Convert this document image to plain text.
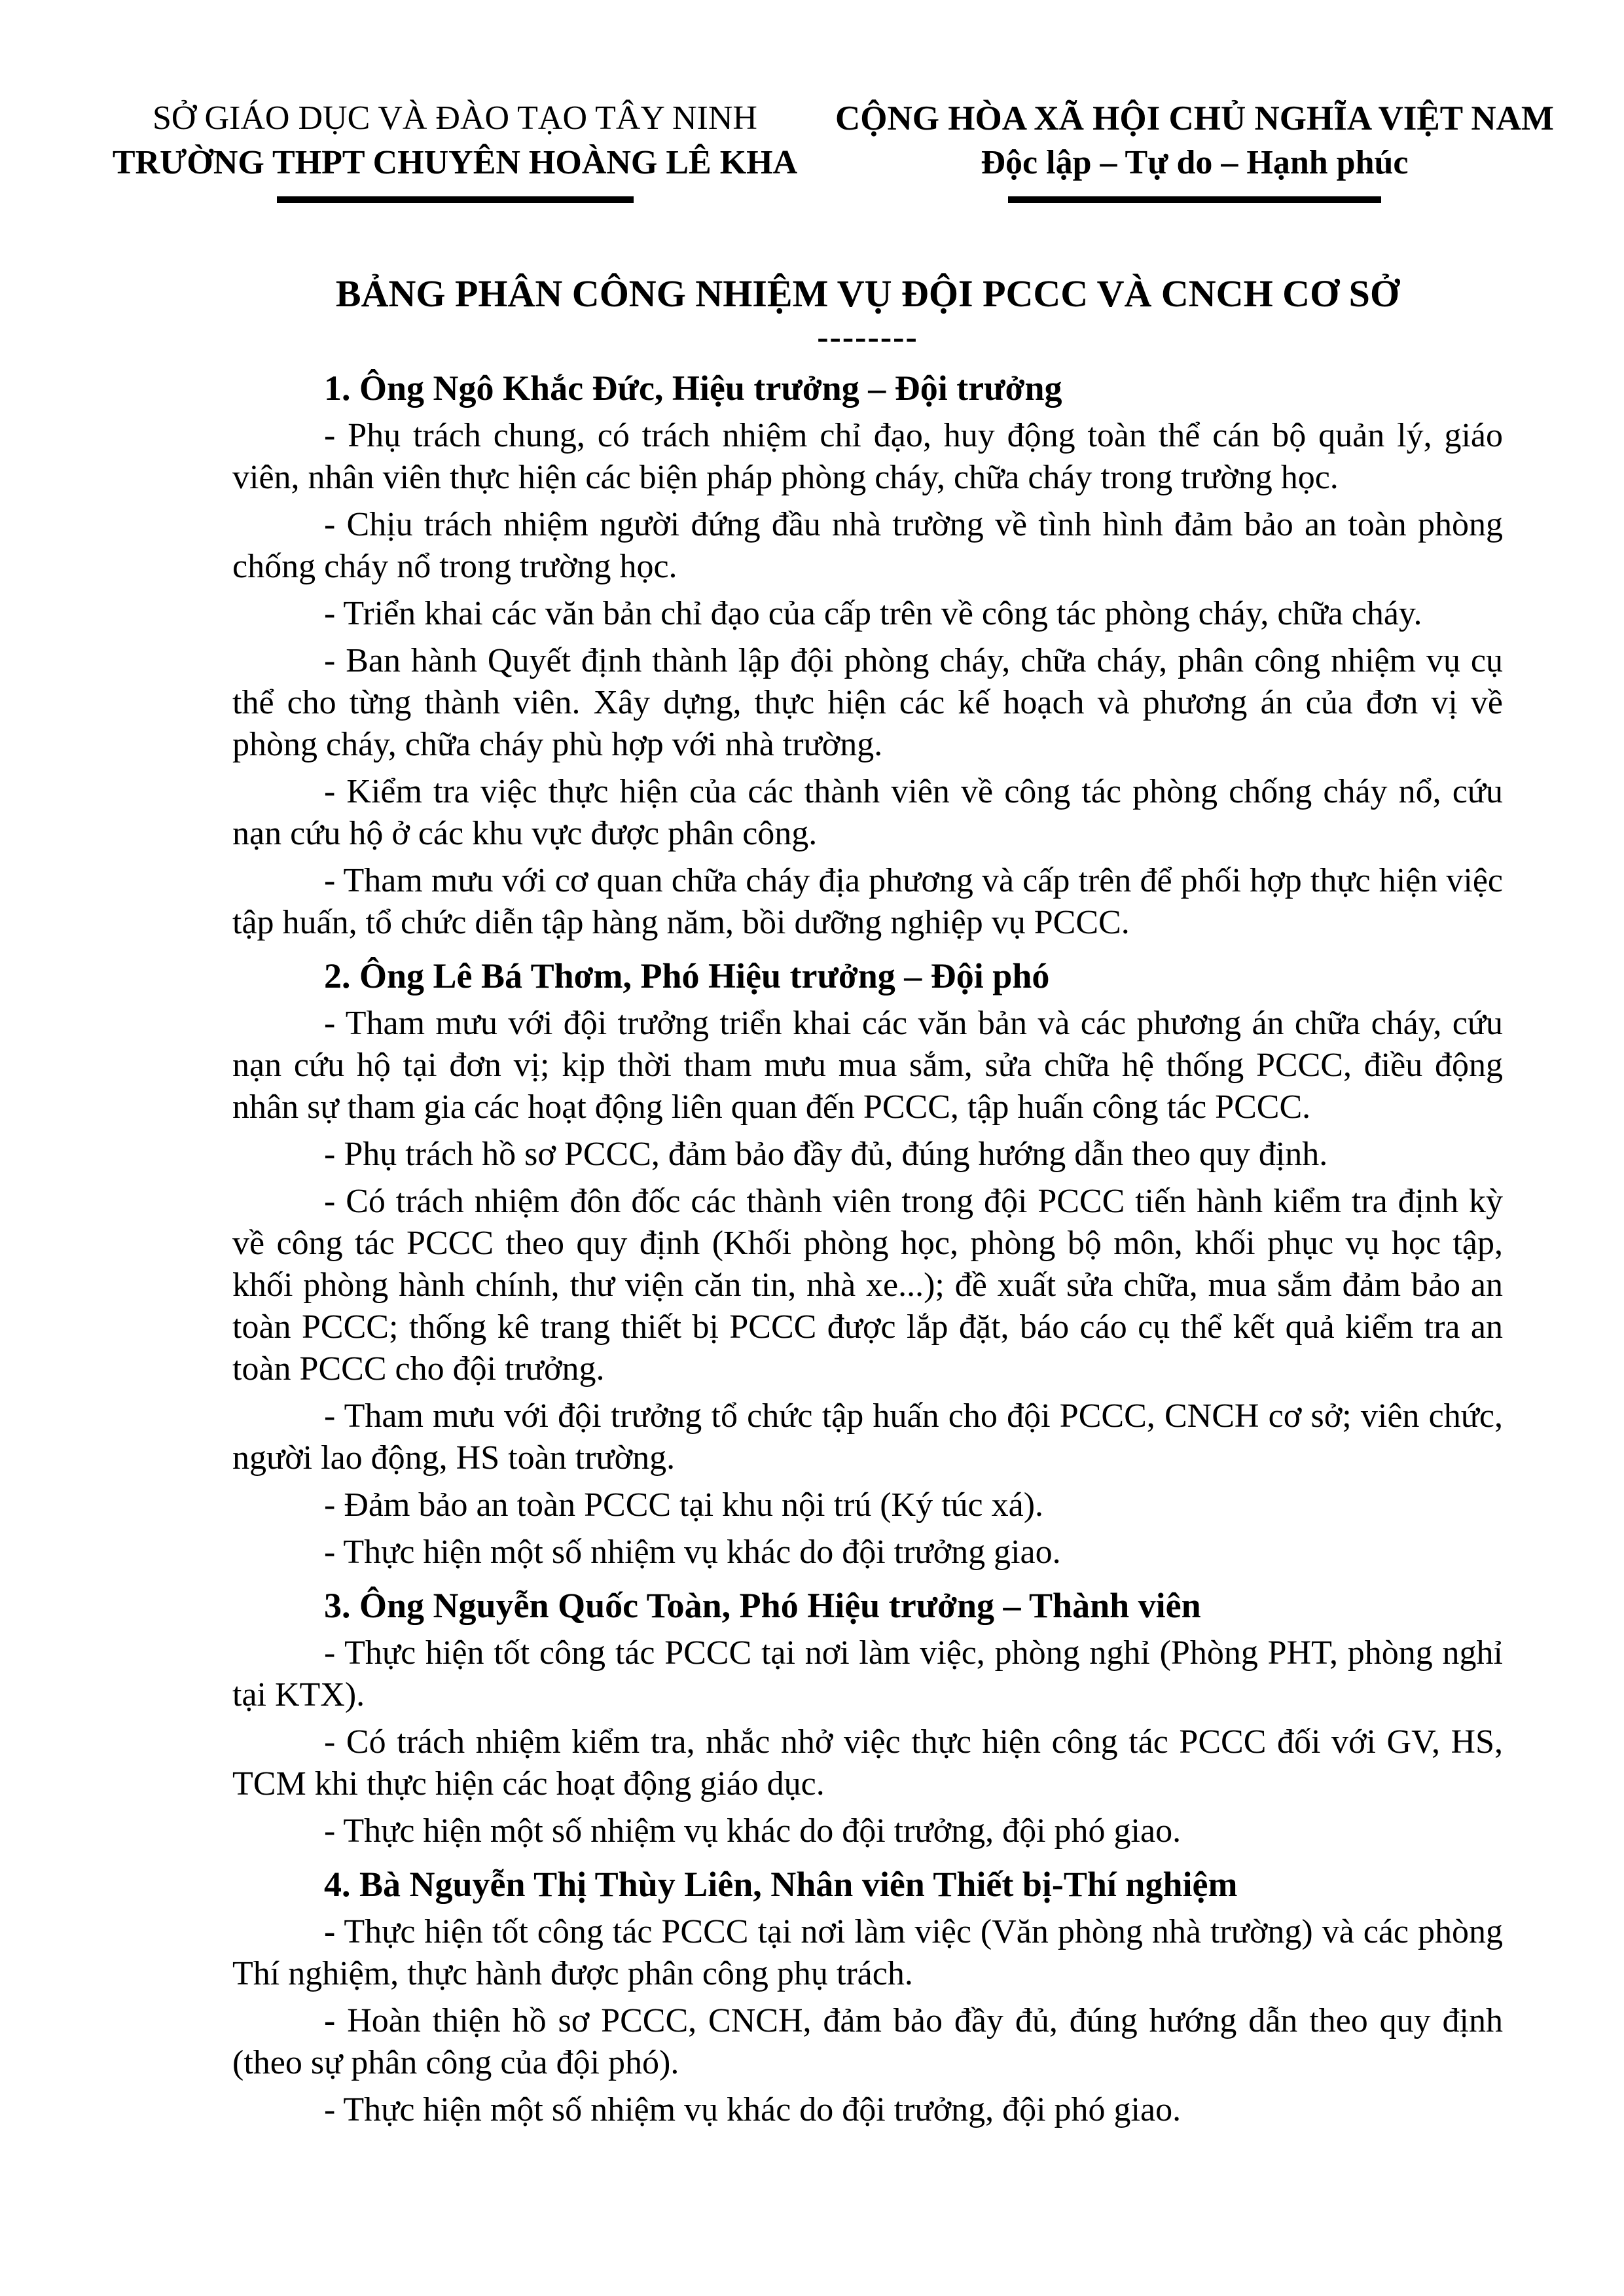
SỞ GIÁO DỤC VÀ ĐÀO TẠO TÂY NINH
TRƯỜNG THPT CHUYÊN HOÀNG LÊ KHA
CỘNG HÒA XÃ HỘI CHỦ NGHĨA VIỆT NAM
Độc lập – Tự do – Hạnh phúc
BẢNG PHÂN CÔNG NHIỆM VỤ ĐỘI PCCC VÀ CNCH CƠ SỞ
--------
1. Ông Ngô Khắc Đức, Hiệu trưởng – Đội trưởng

- Phụ trách chung, có trách nhiệm chỉ đạo, huy động toàn thể cán bộ quản lý, giáo viên, nhân viên thực hiện các biện pháp phòng cháy, chữa cháy trong trường học.

- Chịu trách nhiệm người đứng đầu nhà trường về tình hình đảm bảo an toàn phòng chống cháy nổ trong trường học.

- Triển khai các văn bản chỉ đạo của cấp trên về công tác phòng cháy, chữa cháy.

- Ban hành Quyết định thành lập đội phòng cháy, chữa cháy, phân công nhiệm vụ cụ thể cho từng thành viên. Xây dựng, thực hiện các kế hoạch và phương án của đơn vị về phòng cháy, chữa cháy phù hợp với nhà trường.

- Kiểm tra việc thực hiện của các thành viên về công tác phòng chống cháy nổ, cứu nạn cứu hộ ở các khu vực được phân công.

- Tham mưu với cơ quan chữa cháy địa phương và cấp trên để phối hợp thực hiện việc tập huấn, tổ chức diễn tập hàng năm, bồi dưỡng nghiệp vụ PCCC.

2. Ông Lê Bá Thơm, Phó Hiệu trưởng – Đội phó

- Tham mưu với đội trưởng triển khai các văn bản và các phương án chữa cháy, cứu nạn cứu hộ tại đơn vị; kịp thời tham mưu mua sắm, sửa chữa hệ thống PCCC, điều động nhân sự tham gia các hoạt động liên quan đến PCCC, tập huấn công tác PCCC.

- Phụ trách hồ sơ PCCC, đảm bảo đầy đủ, đúng hướng dẫn theo quy định.

- Có trách nhiệm đôn đốc các thành viên trong đội PCCC tiến hành kiểm tra định kỳ về công tác PCCC theo quy định (Khối phòng học, phòng bộ môn, khối phục vụ học tập, khối phòng hành chính, thư viện căn tin, nhà xe...); đề xuất sửa chữa, mua sắm đảm bảo an toàn PCCC; thống kê trang thiết bị PCCC được lắp đặt, báo cáo cụ thể kết quả kiểm tra an toàn PCCC cho đội trưởng.

- Tham mưu với đội trưởng tổ chức tập huấn cho đội PCCC, CNCH cơ sở; viên chức, người lao động, HS toàn trường.

- Đảm bảo an toàn PCCC tại khu nội trú (Ký túc xá).

- Thực hiện một số nhiệm vụ khác do đội trưởng giao.

3. Ông Nguyễn Quốc Toàn, Phó Hiệu trưởng – Thành viên

- Thực hiện tốt công tác PCCC tại nơi làm việc, phòng nghỉ (Phòng PHT, phòng nghỉ tại KTX).

- Có trách nhiệm kiểm tra, nhắc nhở việc thực hiện công tác PCCC đối với GV, HS, TCM khi thực hiện các hoạt động giáo dục.

- Thực hiện một số nhiệm vụ khác do đội trưởng, đội phó giao.

4. Bà Nguyễn Thị Thùy Liên, Nhân viên Thiết bị-Thí nghiệm

- Thực hiện tốt công tác PCCC tại nơi làm việc (Văn phòng nhà trường) và các phòng Thí nghiệm, thực hành được phân công phụ trách.

- Hoàn thiện hồ sơ PCCC, CNCH, đảm bảo đầy đủ, đúng hướng dẫn theo quy định (theo sự phân công của đội phó).

- Thực hiện một số nhiệm vụ khác do đội trưởng, đội phó giao.
